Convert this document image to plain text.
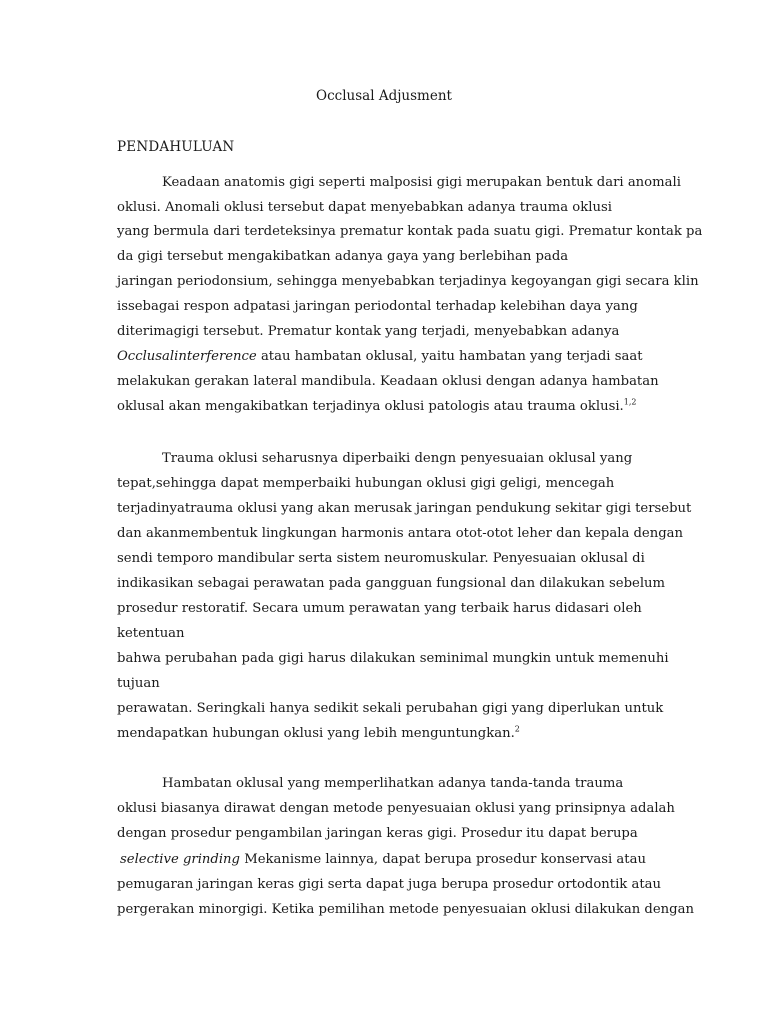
Occlusal Adjusment
PENDAHULUAN
Keadaan anatomis gigi seperti malposisi gigi merupakan bentuk dari anomali
oklusi. Anomali oklusi tersebut dapat menyebabkan adanya trauma oklusi
yang bermula dari terdeteksinya prematur kontak pada suatu gigi. Prematur kontak pa
da gigi tersebut mengakibatkan adanya gaya yang berlebihan pada
jaringan periodonsium, sehingga menyebabkan terjadinya kegoyangan gigi secara klin
issebagai respon adpatasi jaringan periodontal terhadap kelebihan daya yang
diterimagigi tersebut. Prematur kontak yang terjadi, menyebabkan adanya
Occlusalinterference atau hambatan oklusal, yaitu hambatan yang terjadi saat
melakukan gerakan lateral mandibula. Keadaan oklusi dengan adanya hambatan
oklusal akan mengakibatkan terjadinya oklusi patologis atau trauma oklusi.$^{1,2}$
Trauma oklusi seharusnya diperbaiki dengn penyesuaian oklusal yang
tepat,sehingga dapat memperbaiki hubungan oklusi gigi geligi, mencegah
terjadinyatrauma oklusi yang akan merusak jaringan pendukung sekitar gigi tersebut
dan akanmembentuk lingkungan harmonis antara otot-otot leher dan kepala dengan
sendi temporo mandibular serta sistem neuromuskular. Penyesuaian oklusal di
indikasikan sebagai perawatan pada gangguan fungsional dan dilakukan sebelum
prosedur restoratif. Secara umum perawatan yang terbaik harus didasari oleh
ketentuan
bahwa perubahan pada gigi harus dilakukan seminimal mungkin untuk memenuhi
tujuan
perawatan. Seringkali hanya sedikit sekali perubahan gigi yang diperlukan untuk
mendapatkan hubungan oklusi yang lebih menguntungkan.$^2$
Hambatan oklusal yang memperlihatkan adanya tanda-tanda trauma
oklusi biasanya dirawat dengan metode penyesuaian oklusi yang prinsipnya adalah
dengan prosedur pengambilan jaringan keras gigi. Prosedur itu dapat berupa
selective grinding Mekanisme lainnya, dapat berupa prosedur konservasi atau
pemugaran jaringan keras gigi serta dapat juga berupa prosedur ortodontik atau
pergerakan minorgigi. Ketika pemilihan metode penyesuaian oklusi dilakukan dengan
